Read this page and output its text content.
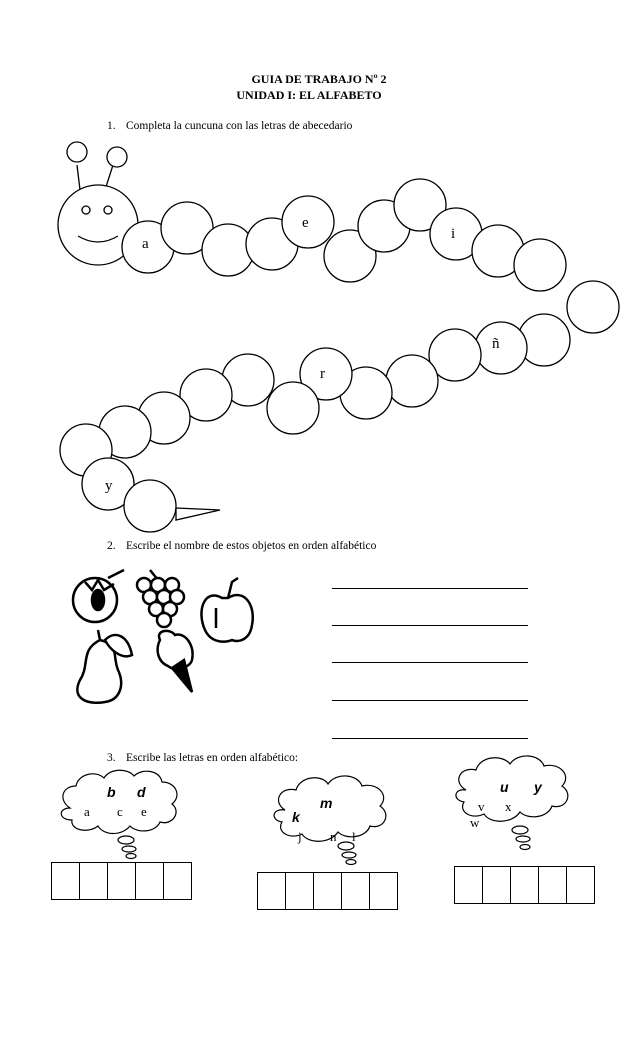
GUIA DE TRABAJO Nº 2
UNIDAD I: EL ALFABETO
1. Completa la cuncuna con las letras de abecedario
a
e
i
ñ
r
y
2. Escribe el nombre de estos objetos en orden alfabético
3. Escribe las letras en orden alfabético:
b d
a c e
m
k
j n l
u y
v x
w
